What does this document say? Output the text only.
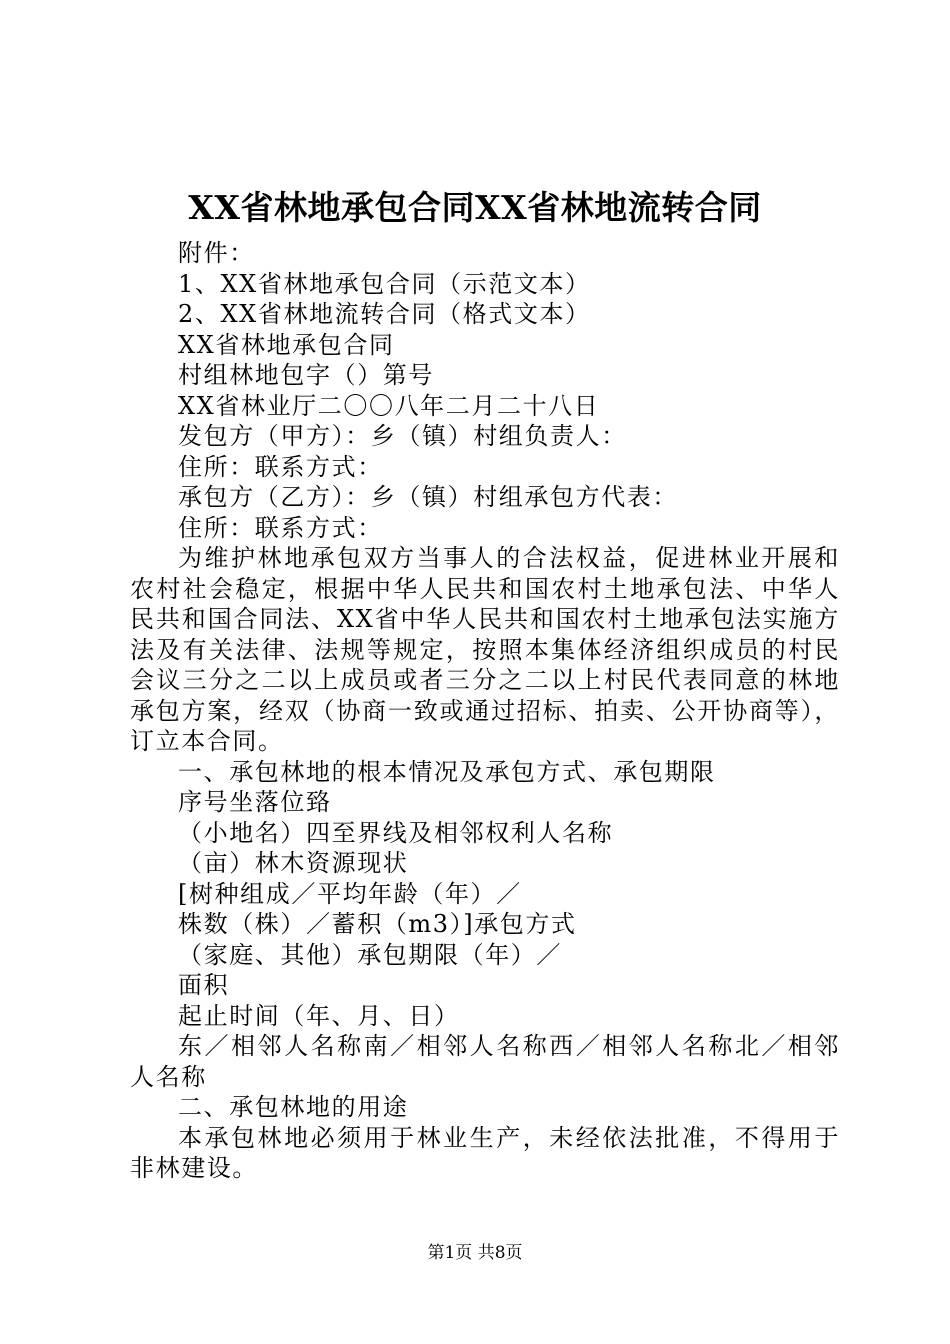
XX省林地承包合同XX省林地流转合同

附件：

1、XX省林地承包合同（示范文本）

2、XX省林地流转合同（格式文本）

XX省林地承包合同

村组林地包字（）第号

XX省林业厅二〇〇八年二月二十八日

发包方（甲方）：乡（镇）村组负责人：

住所：联系方式：

承包方（乙方）：乡（镇）村组承包方代表：

住所：联系方式：

为维护林地承包双方当事人的合法权益，促进林业开展和农村社会稳定，根据中华人民共和国农村土地承包法、中华人民共和国合同法、XX省中华人民共和国农村土地承包法实施方法及有关法律、法规等规定，按照本集体经济组织成员的村民会议三分之二以上成员或者三分之二以上村民代表同意的林地承包方案，经双（协商一致或通过招标、拍卖、公开协商等），订立本合同。

一、承包林地的根本情况及承包方式、承包期限

序号坐落位臵

（小地名）四至界线及相邻权利人名称

（亩）林木资源现状

[树种组成／平均年龄（年）／

株数（株）／蓄积（m3）]承包方式

（家庭、其他）承包期限（年）／

面积

起止时间（年、月、日）

东／相邻人名称南／相邻人名称西／相邻人名称北／相邻人名称

二、承包林地的用途

本承包林地必须用于林业生产，未经依法批准，不得用于非林建设。

第1页 共8页
